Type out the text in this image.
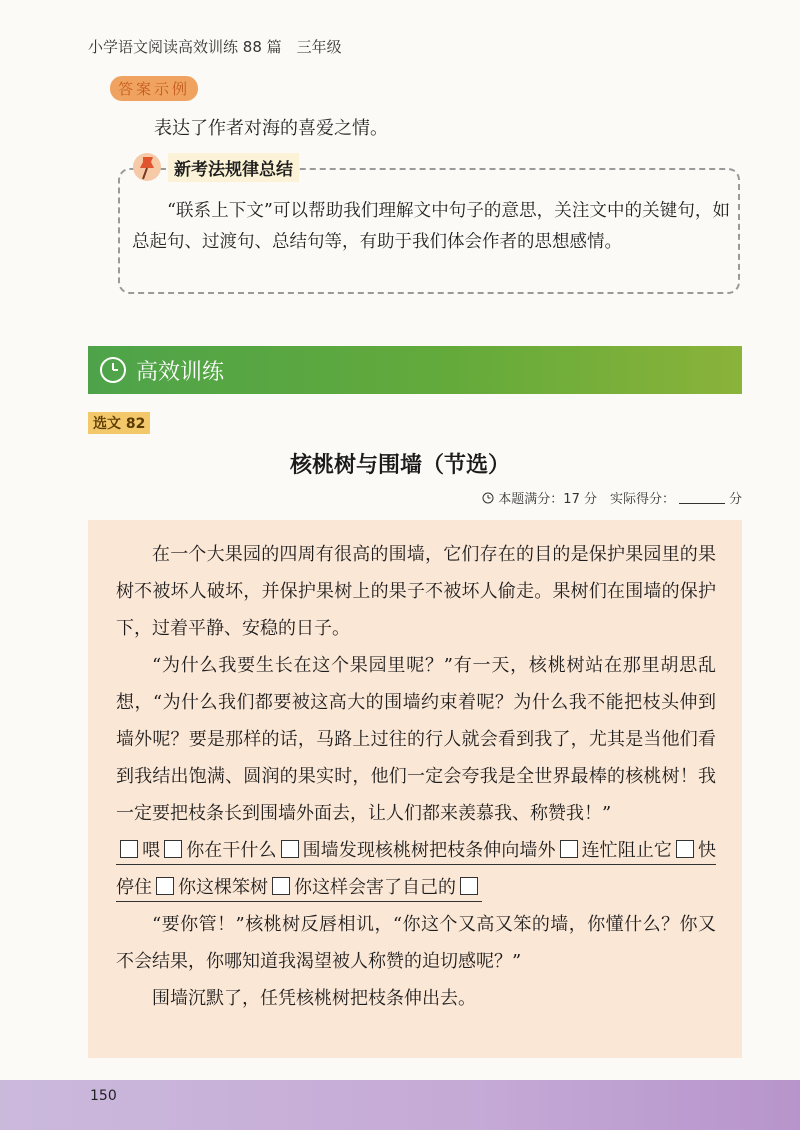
小学语文阅读高效训练 88 篇　三年级
答案示例
表达了作者对海的喜爱之情。
新考法规律总结
“联系上下文”可以帮助我们理解文中句子的意思，关注文中的关键句，如总起句、过渡句、总结句等，有助于我们体会作者的思想感情。
高效训练
选文 82
核桃树与围墙（节选）
本题满分：17 分　实际得分：	分

在一个大果园的四周有很高的围墙，它们存在的目的是保护果园里的果树不被坏人破坏，并保护果树上的果子不被坏人偷走。果树们在围墙的保护下，过着平静、安稳的日子。

“为什么我要生长在这个果园里呢？”有一天，核桃树站在那里胡思乱想，“为什么我们都要被这高大的围墙约束着呢？为什么我不能把枝头伸到墙外呢？要是那样的话，马路上过往的行人就会看到我了，尤其是当他们看到我结出饱满、圆润的果实时，他们一定会夸我是全世界最棒的核桃树！我一定要把枝条长到围墙外面去，让人们都来羡慕我、称赞我！”

喂 你在干什么 围墙发现核桃树把枝条伸向墙外 连忙阻止它 快停住 你这棵笨树 你这样会害了自己的

“要你管！”核桃树反唇相讥，“你这个又高又笨的墙，你懂什么？你又不会结果，你哪知道我渴望被人称赞的迫切感呢？”

围墙沉默了，任凭核桃树把枝条伸出去。

150
